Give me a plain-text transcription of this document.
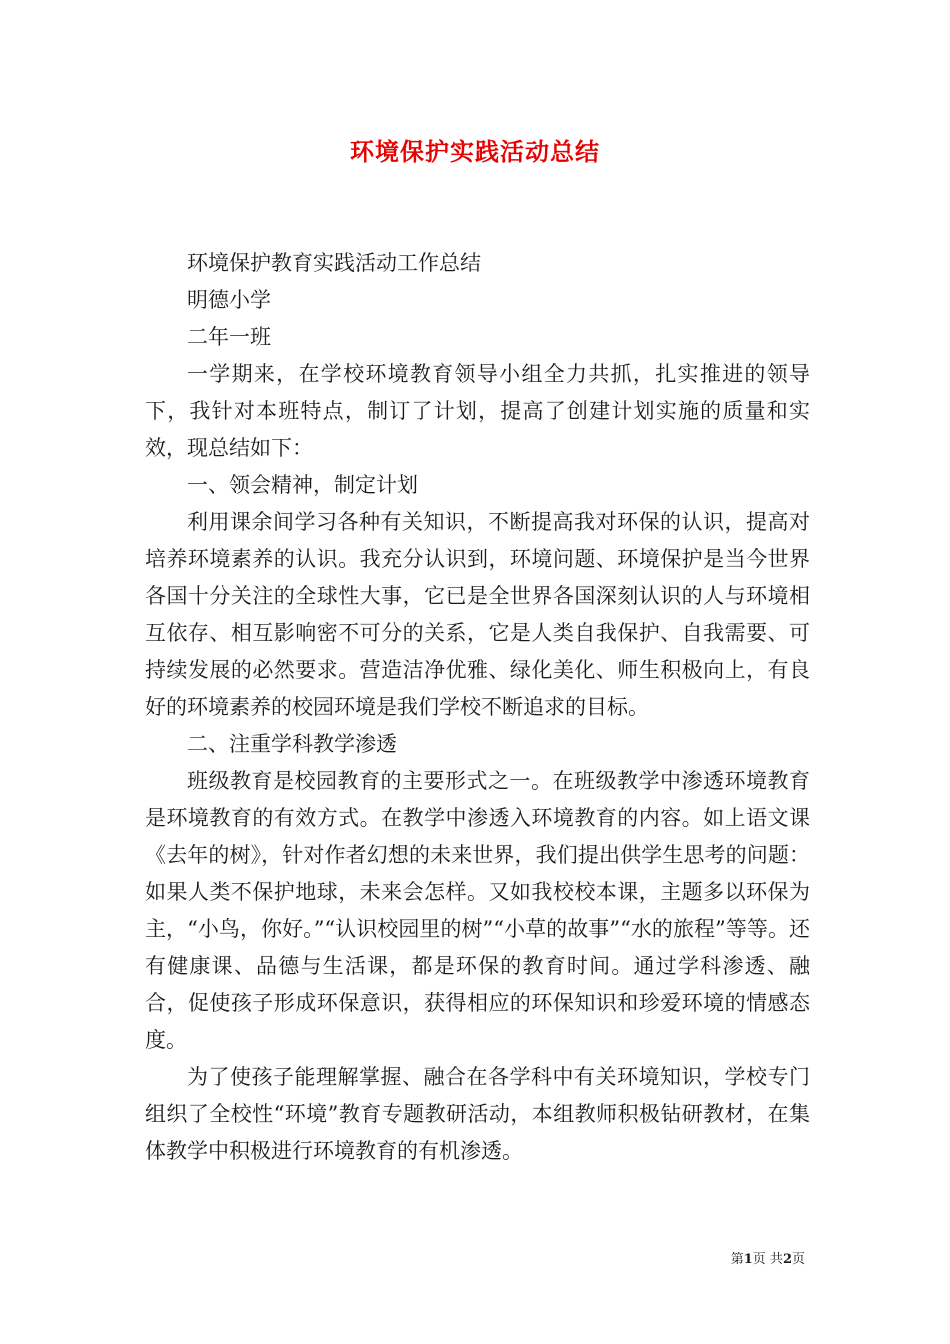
环境保护实践活动总结

环境保护教育实践活动工作总结

明德小学

二年一班

一学期来，在学校环境教育领导小组全力共抓，扎实推进的领导下，我针对本班特点，制订了计划，提高了创建计划实施的质量和实效，现总结如下：

一、领会精神，制定计划

利用课余间学习各种有关知识，不断提高我对环保的认识，提高对培养环境素养的认识。我充分认识到，环境问题、环境保护是当今世界各国十分关注的全球性大事，它已是全世界各国深刻认识的人与环境相互依存、相互影响密不可分的关系，它是人类自我保护、自我需要、可持续发展的必然要求。营造洁净优雅、绿化美化、师生积极向上，有良好的环境素养的校园环境是我们学校不断追求的目标。

二、注重学科教学渗透

班级教育是校园教育的主要形式之一。在班级教学中渗透环境教育是环境教育的有效方式。在教学中渗透入环境教育的内容。如上语文课《去年的树》，针对作者幻想的未来世界，我们提出供学生思考的问题：如果人类不保护地球，未来会怎样。又如我校校本课，主题多以环保为主，“小鸟，你好。”“认识校园里的树”“小草的故事”“水的旅程”等等。还有健康课、品德与生活课，都是环保的教育时间。通过学科渗透、融合，促使孩子形成环保意识，获得相应的环保知识和珍爱环境的情感态度。

为了使孩子能理解掌握、融合在各学科中有关环境知识，学校专门组织了全校性“环境”教育专题教研活动，本组教师积极钻研教材，在集体教学中积极进行环境教育的有机渗透。

第1页 共2页
